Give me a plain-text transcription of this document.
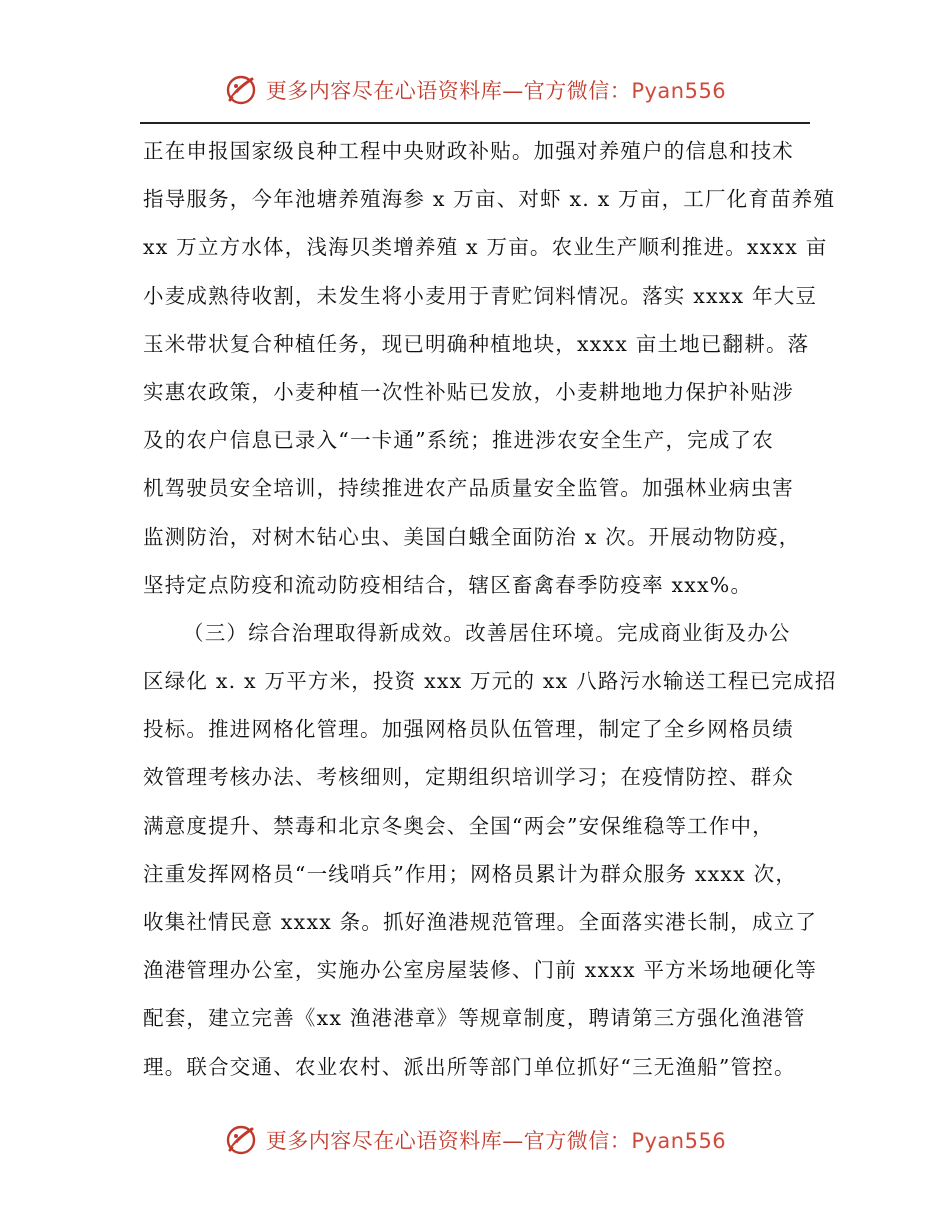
更多内容尽在心语资料库—官方微信：Pyan556
正在申报国家级良种工程中央财政补贴。加强对养殖户的信息和技术
指导服务，今年池塘养殖海参 x 万亩、对虾 x. x 万亩，工厂化育苗养殖
xx 万立方水体，浅海贝类增养殖 x 万亩。农业生产顺利推进。xxxx 亩
小麦成熟待收割，未发生将小麦用于青贮饲料情况。落实 xxxx 年大豆
玉米带状复合种植任务，现已明确种植地块，xxxx 亩土地已翻耕。落
实惠农政策，小麦种植一次性补贴已发放，小麦耕地地力保护补贴涉
及的农户信息已录入“一卡通”系统；推进涉农安全生产，完成了农
机驾驶员安全培训，持续推进农产品质量安全监管。加强林业病虫害
监测防治，对树木钻心虫、美国白蛾全面防治 x 次。开展动物防疫，
坚持定点防疫和流动防疫相结合，辖区畜禽春季防疫率 xxx%。
（三）综合治理取得新成效。改善居住环境。完成商业街及办公
区绿化 x. x 万平方米，投资 xxx 万元的 xx 八路污水输送工程已完成招
投标。推进网格化管理。加强网格员队伍管理，制定了全乡网格员绩
效管理考核办法、考核细则，定期组织培训学习；在疫情防控、群众
满意度提升、禁毒和北京冬奥会、全国“两会”安保维稳等工作中，
注重发挥网格员“一线哨兵”作用；网格员累计为群众服务 xxxx 次，
收集社情民意 xxxx 条。抓好渔港规范管理。全面落实港长制，成立了
渔港管理办公室，实施办公室房屋装修、门前 xxxx 平方米场地硬化等
配套，建立完善《xx 渔港港章》等规章制度，聘请第三方强化渔港管
理。联合交通、农业农村、派出所等部门单位抓好“三无渔船”管控。
更多内容尽在心语资料库—官方微信：Pyan556
